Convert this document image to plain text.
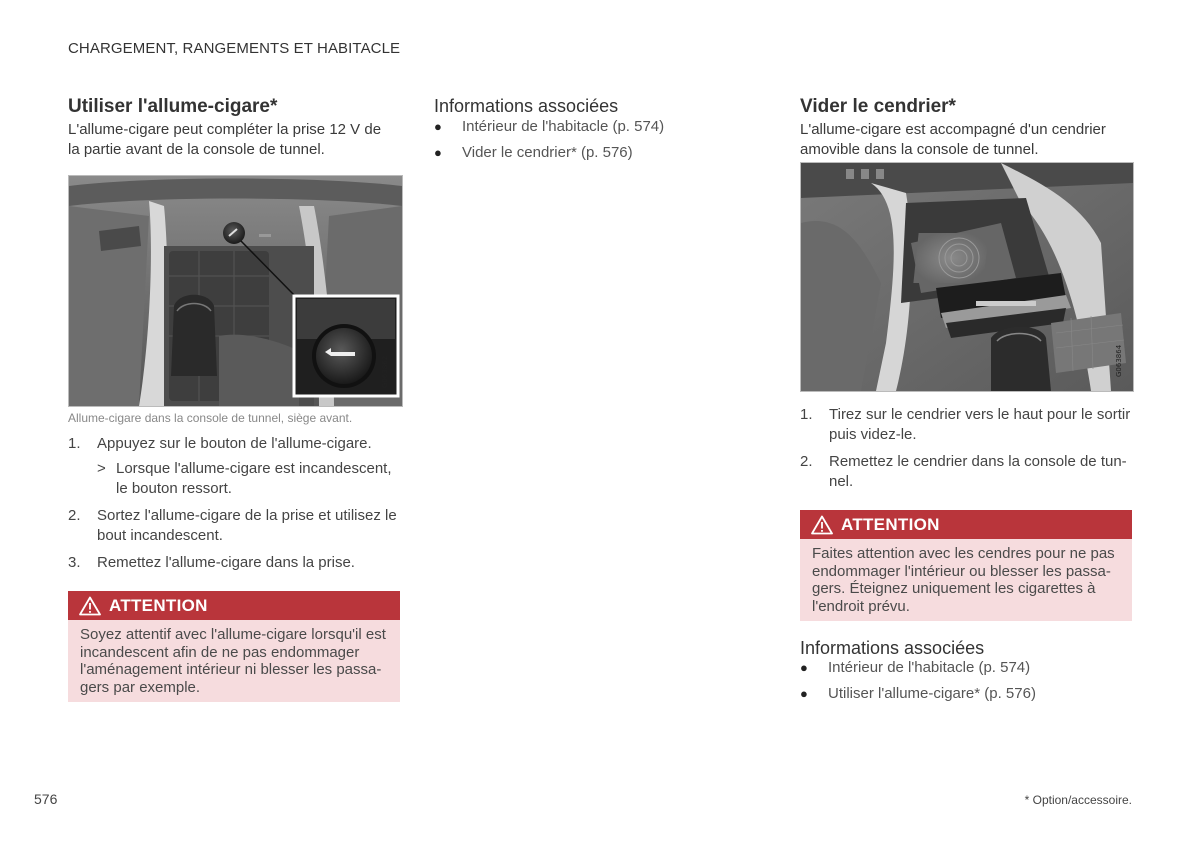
CHARGEMENT, RANGEMENTS ET HABITACLE
Utiliser l'allume-cigare*
L'allume-cigare peut compléter la prise 12 V de
la partie avant de la console de tunnel.
G063862
Allume-cigare dans la console de tunnel, siège avant.
1. Appuyez sur le bouton de l'allume-cigare.
> Lorsque l'allume-cigare est incandescent,
le bouton ressort.
2. Sortez l'allume-cigare de la prise et utilisez le
bout incandescent.
3. Remettez l'allume-cigare dans la prise.
ATTENTION
Soyez attentif avec l'allume-cigare lorsqu'il est
incandescent afin de ne pas endommager
l'aménagement intérieur ni blesser les passa-
gers par exemple.
Informations associées
● Intérieur de l'habitacle (p. 574)
● Vider le cendrier* (p. 576)
Vider le cendrier*
L'allume-cigare est accompagné d'un cendrier
amovible dans la console de tunnel.
G063864
1. Tirez sur le cendrier vers le haut pour le sortir
puis videz-le.
2. Remettez le cendrier dans la console de tun-
nel.
ATTENTION
Faites attention avec les cendres pour ne pas
endommager l'intérieur ou blesser les passa-
gers. Éteignez uniquement les cigarettes à
l'endroit prévu.
Informations associées
● Intérieur de l'habitacle (p. 574)
● Utiliser l'allume-cigare* (p. 576)
576	* Option/accessoire.
